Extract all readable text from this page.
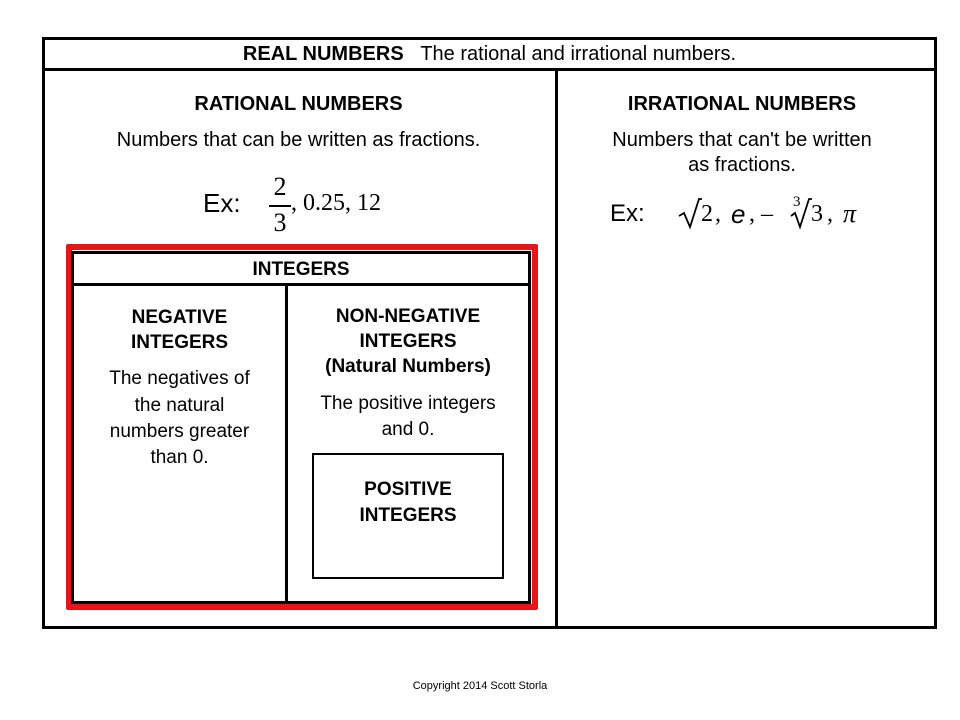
REAL NUMBERS The rational and irrational numbers.
RATIONAL NUMBERS
Numbers that can be written as fractions.
Ex:
2
3
, 0.25, 12
IRRATIONAL NUMBERS
Numbers that can't be written
as fractions.
Ex: 2 , e , – 3 3 , π
INTEGERS
NEGATIVE
INTEGERS
The negatives of
the natural
numbers greater
than 0.
NON-NEGATIVE
INTEGERS
(Natural Numbers)
The positive integers
and 0.
POSITIVE
INTEGERS
Copyright 2014 Scott Storla
